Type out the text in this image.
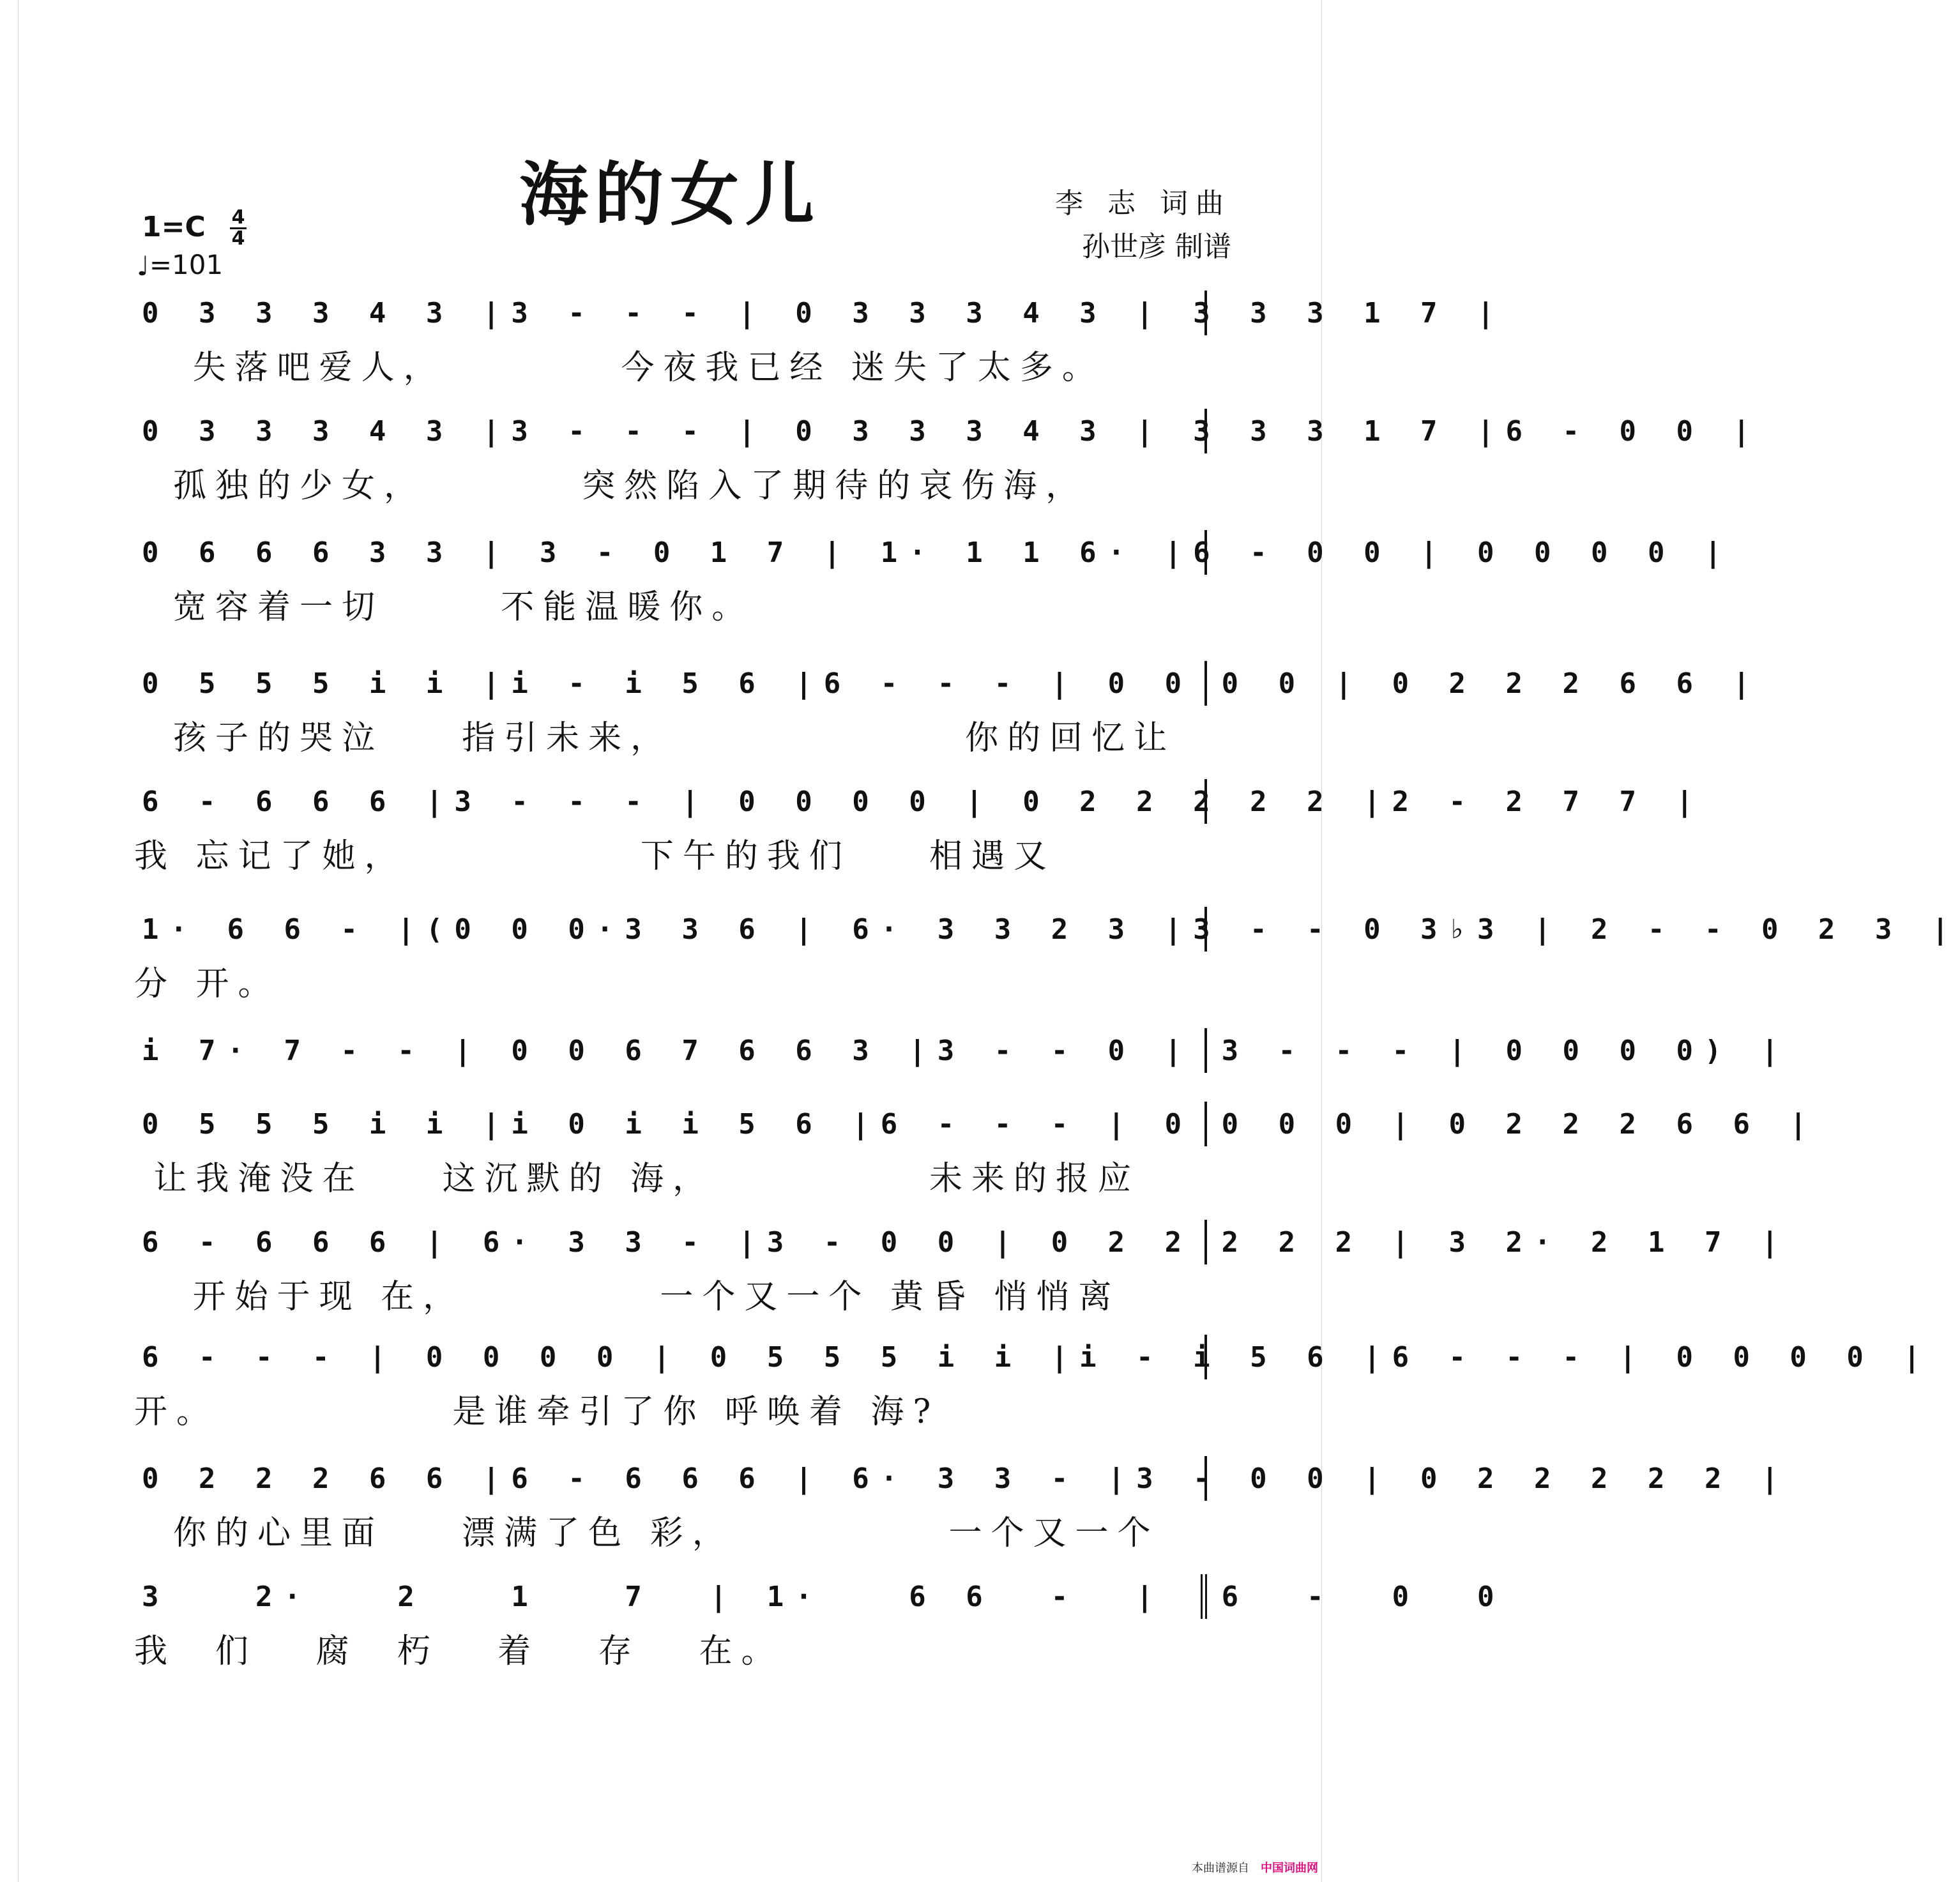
海的女儿	李 志 词曲
孙世彦 制谱
1=C 4
4
♩=101
0 3 3 3 4 3 |3 - - - | 0 3 3 3 4 3 | 3 3 3 1 7 |
失落吧爱人，         今夜我已经 迷失了太多。
0 3 3 3 4 3 |3 - - - | 0 3 3 3 4 3 | 3 3 3 1 7 |6 - 0 0 |
孤独的少女，        突然陷入了期待的哀伤海，
0 6 6 6 3 3 | 3 - 0 1 7 | 1· 1 1 6· |6 - 0 0 | 0 0 0 0 |
宽容着一切      不能温暖你。
0 5 5 5 i i |i - i 5 6 |6 - - - | 0 0 0 0 | 0 2 2 2 6 6 |
孩子的哭泣    指引未来，               你的回忆让
6 - 6 6 6 |3 - - - | 0 0 0 0 | 0 2 2 2 2 2 |2 - 2 7 7 |
我 忘记了她，            下午的我们    相遇又
1· 6 6 - |(0 0 0·3 3 6 | 6· 3 3 2 3 |3 - - 0 3♭3 | 2 - - 0 2 3 |
分 开。
i 7· 7 - - | 0 0 6 7 6 6 3 |3 - - 0 | 3 - - - | 0 0 0 0) |
0 5 5 5 i i |i 0 i i 5 6 |6 - - - | 0 0 0 0 | 0 2 2 2 6 6 |
让我淹没在    这沉默的 海，           未来的报应
6 - 6 6 6 | 6· 3 3 - |3 - 0 0 | 0 2 2 2 2 2 | 3 2· 2 1 7 |
开始于现 在，          一个又一个 黄昏 悄悄离
6 - - - | 0 0 0 0 | 0 5 5 5 i i |i - i 5 6 |6 - - - | 0 0 0 0 |
开。            是谁牵引了你 呼唤着 海?
0 2 2 2 6 6 |6 - 6 6 6 | 6· 3 3 - |3 - 0 0 | 0 2 2 2 2 2 |
你的心里面    漂满了色 彩，           一个又一个
3   2·   2   1   7  | 1·   6 6  -  |  6  -  0  0
我  们   腐  朽   着   存   在。
本曲谱源自 中国词曲网
